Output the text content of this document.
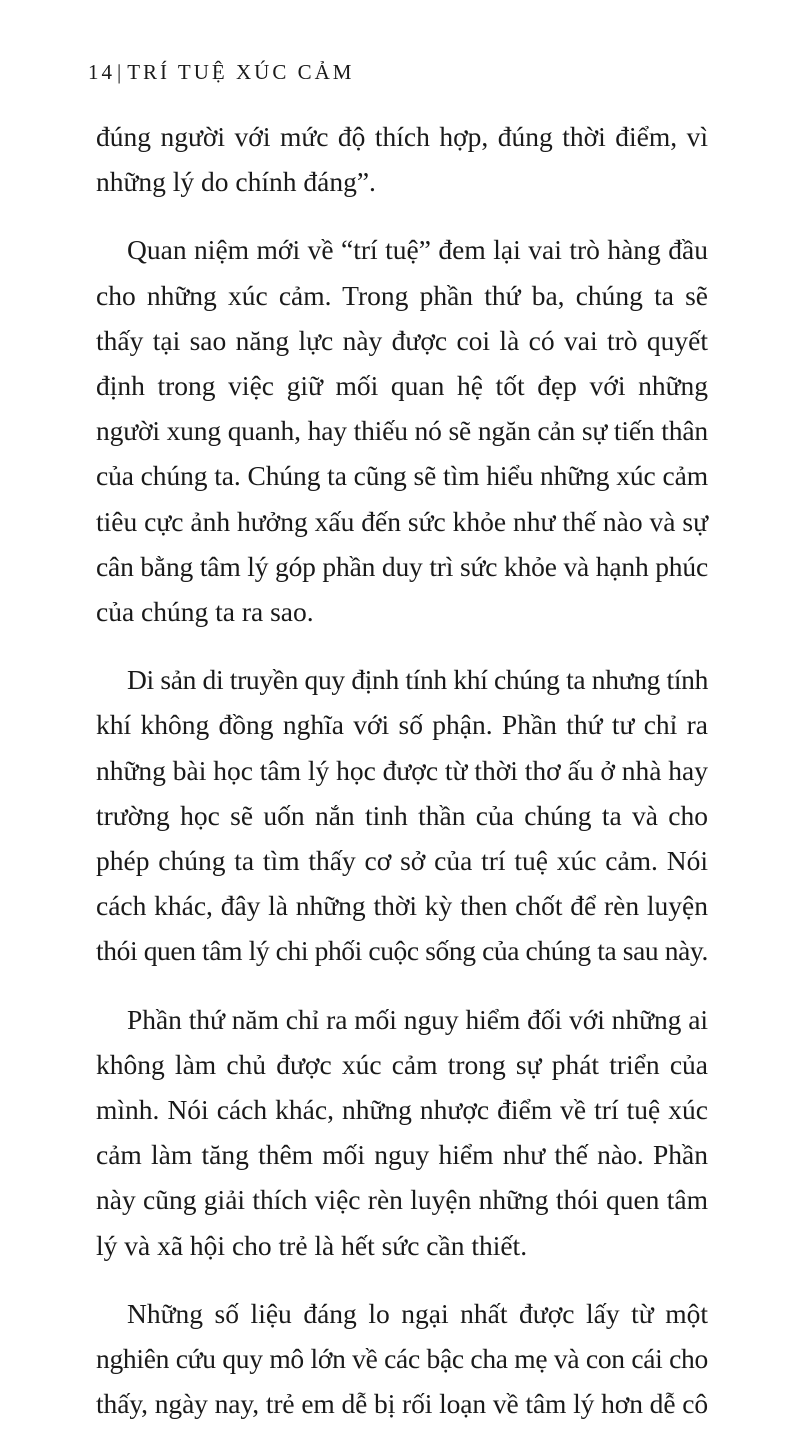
14| TRÍ TUỆ XÚC CẢM
đúng người với mức độ thích hợp, đúng thời điểm, vì
những lý do chính đáng”.
Quan niệm mới về “trí tuệ” đem lại vai trò hàng đầu
cho những xúc cảm. Trong phần thứ ba, chúng ta sẽ
thấy tại sao năng lực này được coi là có vai trò quyết
định trong việc giữ mối quan hệ tốt đẹp với những
người xung quanh, hay thiếu nó sẽ ngăn cản sự tiến thân
của chúng ta. Chúng ta cũng sẽ tìm hiểu những xúc cảm
tiêu cực ảnh hưởng xấu đến sức khỏe như thế nào và sự
cân bằng tâm lý góp phần duy trì sức khỏe và hạnh phúc
của chúng ta ra sao.
Di sản di truyền quy định tính khí chúng ta nhưng tính
khí không đồng nghĩa với số phận. Phần thứ tư chỉ ra
những bài học tâm lý học được từ thời thơ ấu ở nhà hay
trường học sẽ uốn nắn tinh thần của chúng ta và cho
phép chúng ta tìm thấy cơ sở của trí tuệ xúc cảm. Nói
cách khác, đây là những thời kỳ then chốt để rèn luyện
thói quen tâm lý chi phối cuộc sống của chúng ta sau này.
Phần thứ năm chỉ ra mối nguy hiểm đối với những ai
không làm chủ được xúc cảm trong sự phát triển của
mình. Nói cách khác, những nhược điểm về trí tuệ xúc
cảm làm tăng thêm mối nguy hiểm như thế nào. Phần
này cũng giải thích việc rèn luyện những thói quen tâm
lý và xã hội cho trẻ là hết sức cần thiết.
Những số liệu đáng lo ngại nhất được lấy từ một
nghiên cứu quy mô lớn về các bậc cha mẹ và con cái cho
thấy, ngày nay, trẻ em dễ bị rối loạn về tâm lý hơn dễ cô
